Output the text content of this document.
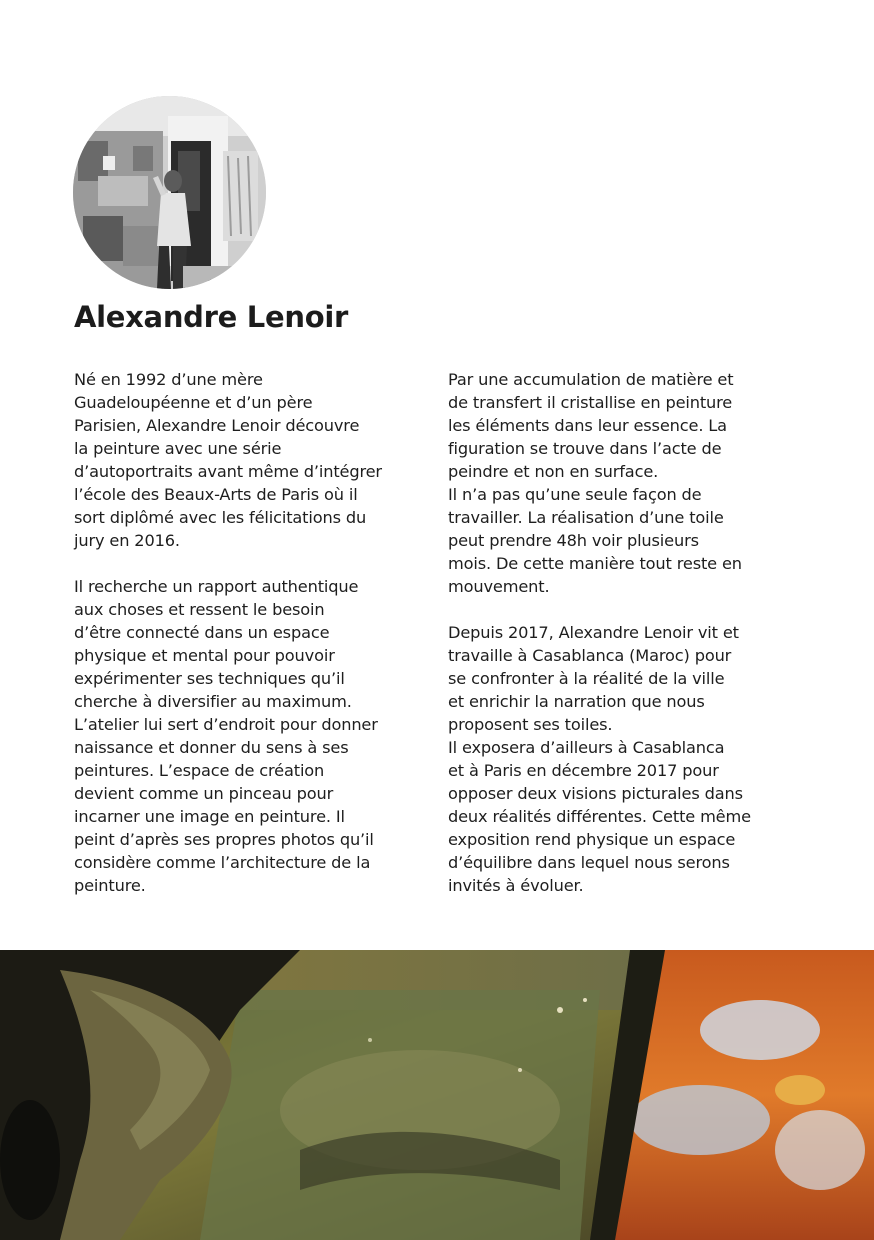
Alexandre Lenoir

Né en 1992 d’une mère
Guadeloupéenne et d’un père
Parisien, Alexandre Lenoir découvre
la peinture avec une série
d’autoportraits avant même d’intégrer
l’école des Beaux-Arts de Paris où il
sort diplômé avec les félicitations du
jury en 2016.

Il recherche un rapport authentique
aux choses et ressent le besoin
d’être connecté dans un espace
physique et mental pour pouvoir
expérimenter ses techniques qu’il
cherche à diversifier au maximum.
L’atelier lui sert d’endroit pour donner
naissance et donner du sens à ses
peintures. L’espace de création
devient comme un pinceau pour
incarner une image en peinture. Il
peint d’après ses propres photos qu’il
considère comme l’architecture de la
peinture.

Par une accumulation de matière et
de transfert il cristallise en peinture
les éléments dans leur essence. La
figuration se trouve dans l’acte de
peindre et non en surface.
Il n’a pas qu’une seule façon de
travailler. La réalisation d’une toile
peut prendre 48h voir plusieurs
mois. De cette manière tout reste en
mouvement.

Depuis 2017, Alexandre Lenoir vit et
travaille à Casablanca (Maroc) pour
se confronter à la réalité de la ville
et enrichir la narration que nous
proposent ses toiles.
Il exposera d’ailleurs à Casablanca
et à Paris en décembre 2017 pour
opposer deux visions picturales dans
deux réalités différentes. Cette même
exposition rend physique un espace
d’équilibre dans lequel nous serons
invités à évoluer.
